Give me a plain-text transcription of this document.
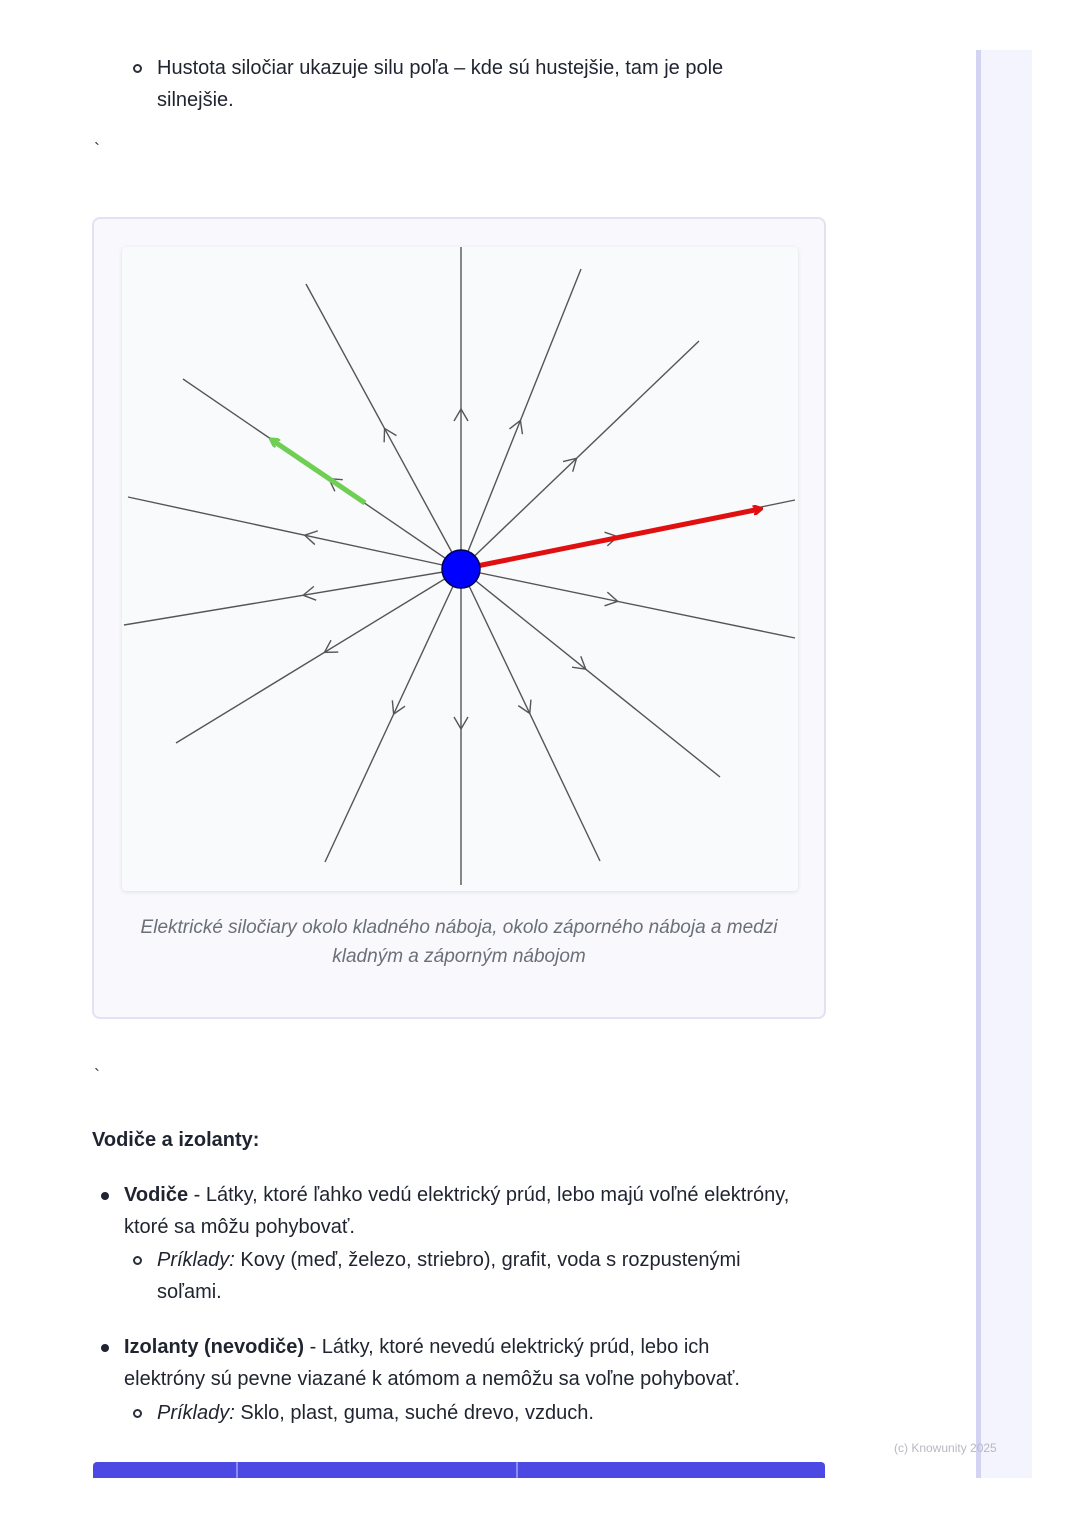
Hustota siločiar ukazuje silu poľa – kde sú hustejšie, tam je pole
silnejšie.
`
Elektrické siločiary okolo kladného náboja, okolo záporného náboja a medzi
kladným a záporným nábojom
`
Vodiče a izolanty:
Vodiče - Látky, ktoré ľahko vedú elektrický prúd, lebo majú voľné elektróny,
ktoré sa môžu pohybovať.
Príklady: Kovy (meď, železo, striebro), grafit, voda s rozpustenými
soľami.
Izolanty (nevodiče) - Látky, ktoré nevedú elektrický prúd, lebo ich
elektróny sú pevne viazané k atómom a nemôžu sa voľne pohybovať.
Príklady: Sklo, plast, guma, suché drevo, vzduch.
(c) Knowunity 2025
